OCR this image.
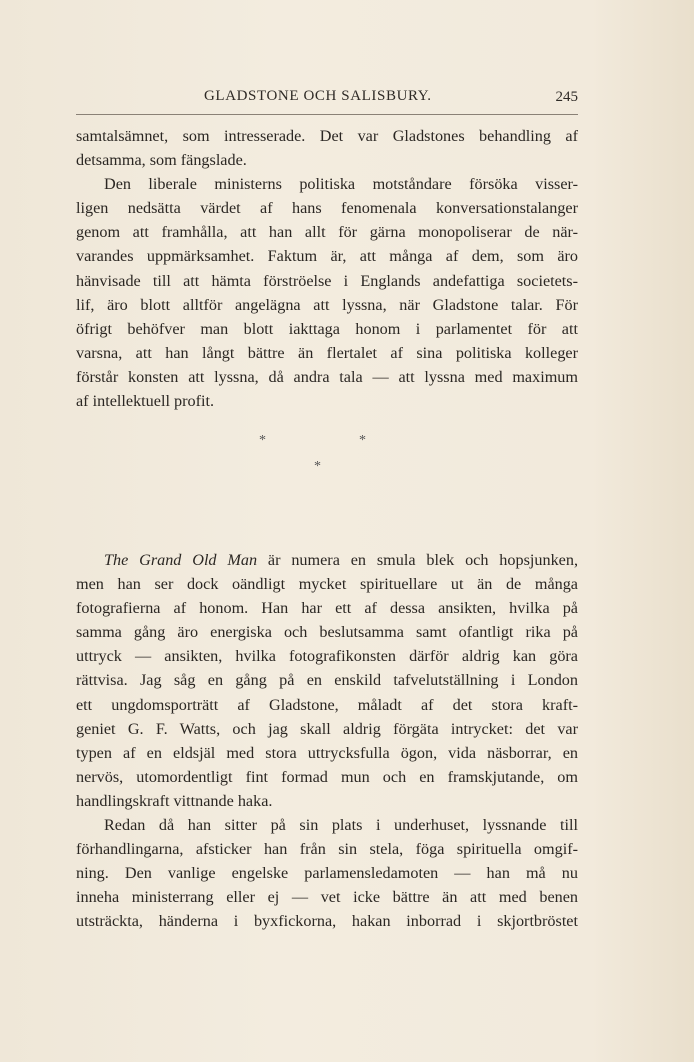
GLADSTONE OCH SALISBURY.	245
samtalsämnet, som intresserade. Det var Gladstones behandling af
detsamma, som fängslade.
Den liberale ministerns politiska motståndare försöka visser-
ligen nedsätta värdet af hans fenomenala konversationstalanger
genom att framhålla, att han allt för gärna monopoliserar de när-
varandes uppmärksamhet. Faktum är, att många af dem, som äro
hänvisade till att hämta förströelse i Englands andefattiga societets-
lif, äro blott alltför angelägna att lyssna, när Gladstone talar. För
öfrigt behöfver man blott iakttaga honom i parlamentet för att
varsna, att han långt bättre än flertalet af sina politiska kolleger
förstår konsten att lyssna, då andra tala — att lyssna med maximum
af intellektuell profit.
*	*
*
The Grand Old Man är numera en smula blek och hopsjunken,
men han ser dock oändligt mycket spirituellare ut än de många
fotografierna af honom. Han har ett af dessa ansikten, hvilka på
samma gång äro energiska och beslutsamma samt ofantligt rika på
uttryck — ansikten, hvilka fotografikonsten därför aldrig kan göra
rättvisa. Jag såg en gång på en enskild tafvelutställning i London
ett ungdomsporträtt af Gladstone, måladt af det stora kraft-
geniet G. F. Watts, och jag skall aldrig förgäta intrycket: det var
typen af en eldsjäl med stora uttrycksfulla ögon, vida näsborrar, en
nervös, utomordentligt fint formad mun och en framskjutande, om
handlingskraft vittnande haka.
Redan då han sitter på sin plats i underhuset, lyssnande till
förhandlingarna, afsticker han från sin stela, föga spirituella omgif-
ning. Den vanlige engelske parlamensledamoten — han må nu
inneha ministerrang eller ej — vet icke bättre än att med benen
utsträckta, händerna i byxfickorna, hakan inborrad i skjortbröstet
